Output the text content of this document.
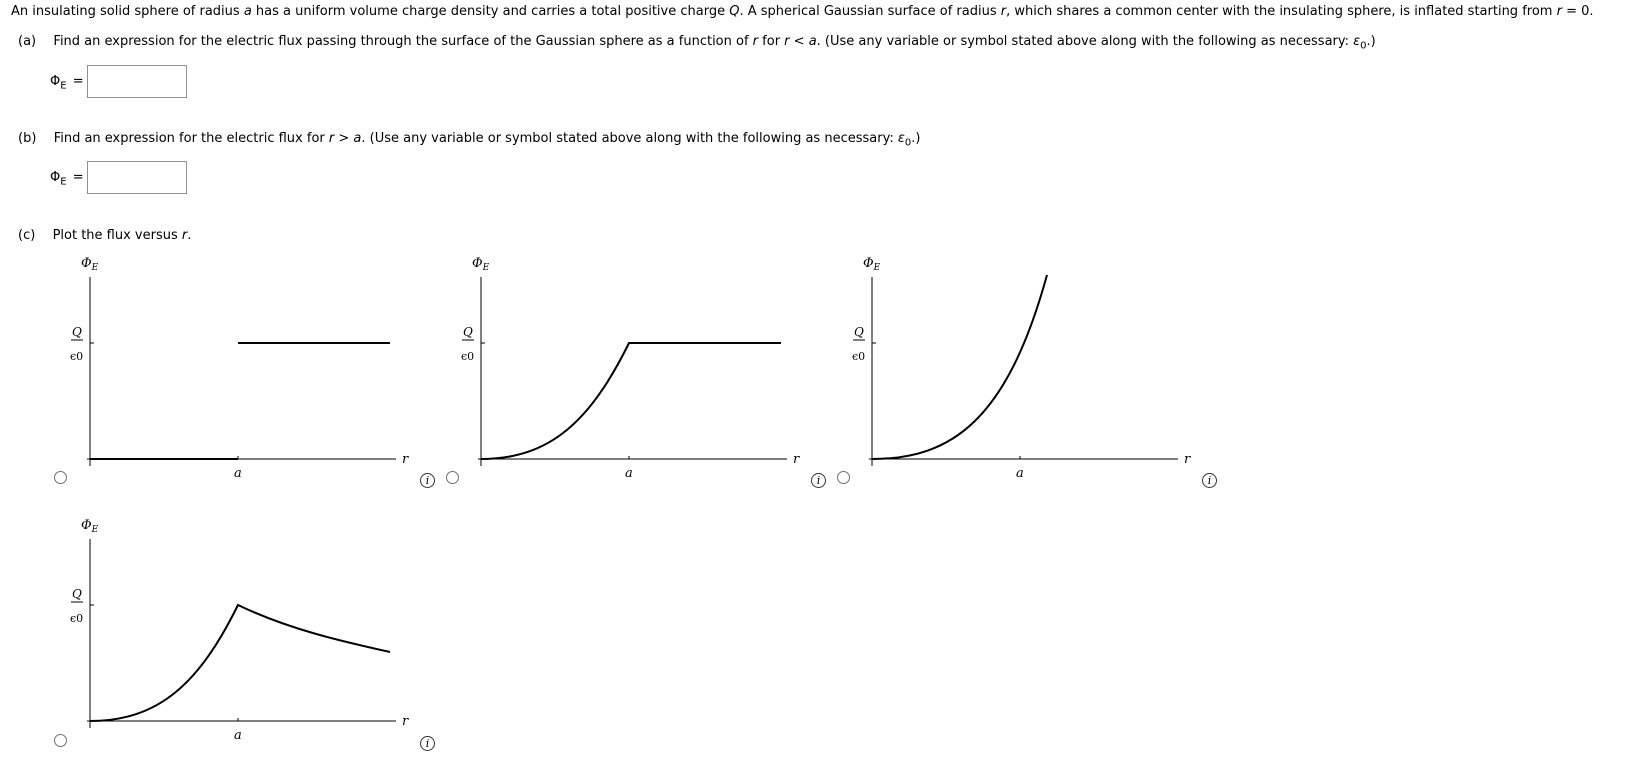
An insulating solid sphere of radius a has a uniform volume charge density and carries a total positive charge Q. A spherical Gaussian surface of radius r, which shares a common center with the insulating sphere, is inflated starting from r = 0.
(a) Find an expression for the electric flux passing through the surface of the Gaussian sphere as a function of r for r < a. (Use any variable or symbol stated above along with the following as necessary: $\varepsilon_0$.)
$\Phi_E$ =
(b) Find an expression for the electric flux for r > a. (Use any variable or symbol stated above along with the following as necessary: $\varepsilon_0$.)
$\Phi_E$ =
(c) Plot the flux versus r.
$\Phi_E$
Q
ϵ0
a
r
$\Phi_E$
Q
ϵ0
a
r
$\Phi_E$
Q
ϵ0
a
r
$\Phi_E$
Q
ϵ0
a
r
i	i	i
i
